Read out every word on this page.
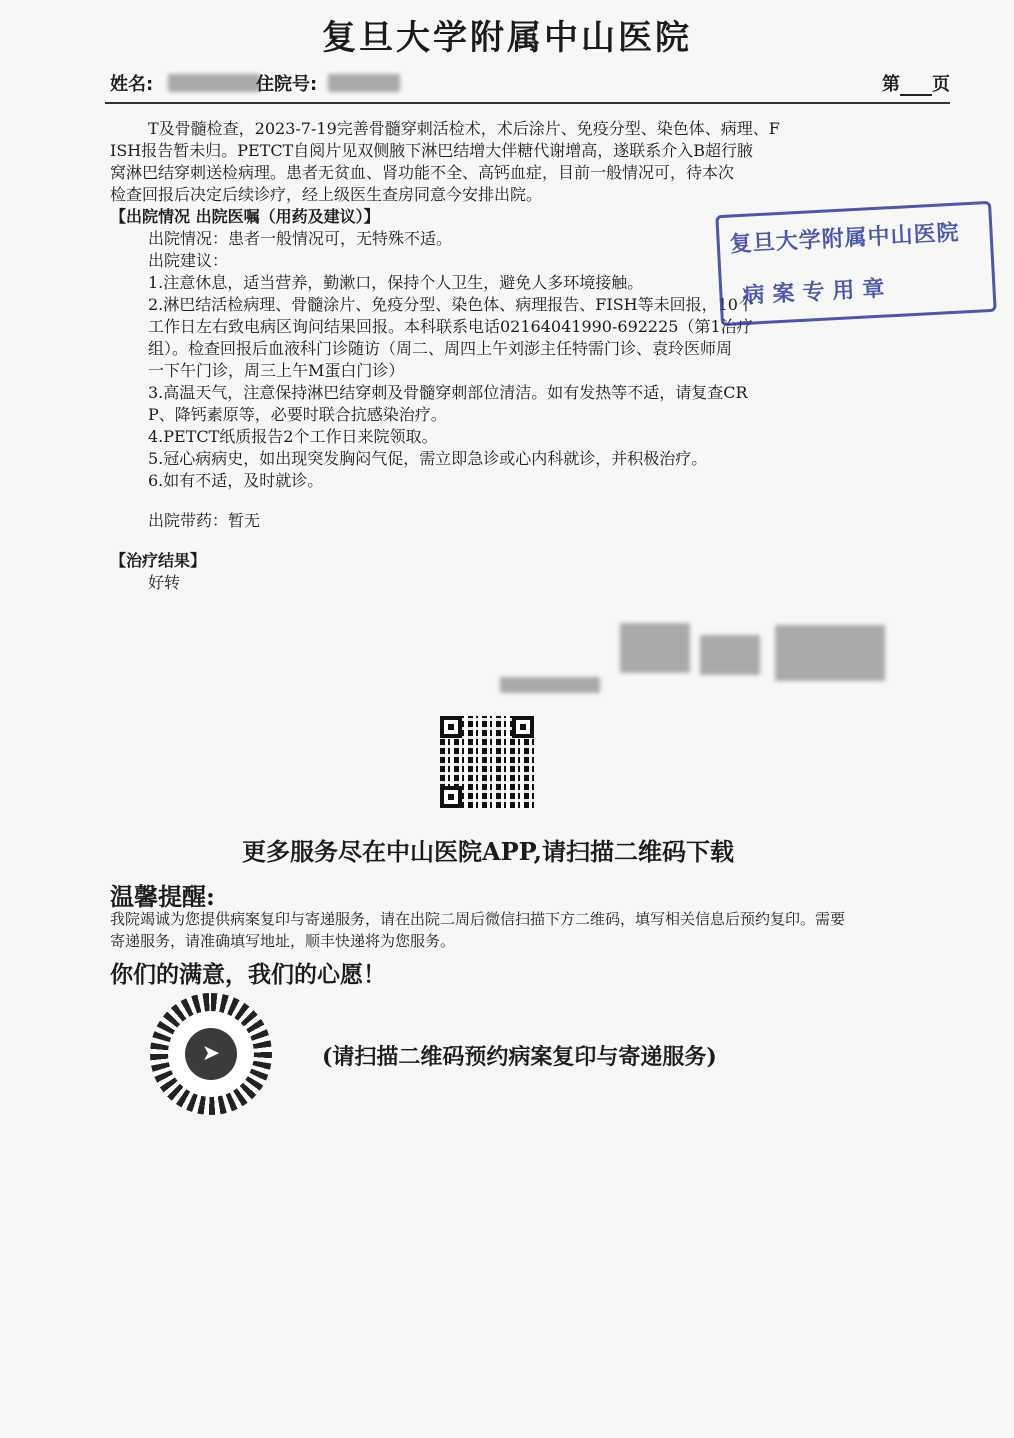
复旦大学附属中山医院
姓名:	住院号:	第 页

T及骨髓检查，2023-7-19完善骨髓穿刺活检术，术后涂片、免疫分型、染色体、病理、F

ISH报告暂未归。PETCT自阅片见双侧腋下淋巴结增大伴糖代谢增高，遂联系介入B超行腋

窝淋巴结穿刺送检病理。患者无贫血、肾功能不全、高钙血症，目前一般情况可，待本次

检查回报后决定后续诊疗，经上级医生查房同意今安排出院。

【出院情况 出院医嘱（用药及建议）】

出院情况：患者一般情况可，无特殊不适。

出院建议：

1.注意休息，适当营养，勤漱口，保持个人卫生，避免人多环境接触。

2.淋巴结活检病理、骨髓涂片、免疫分型、染色体、病理报告、FISH等未回报，10个

工作日左右致电病区询问结果回报。本科联系电话02164041990-692225（第1治疗

组）。检查回报后血液科门诊随访（周二、周四上午刘澎主任特需门诊、袁玲医师周

一下午门诊，周三上午M蛋白门诊）

3.高温天气，注意保持淋巴结穿刺及骨髓穿刺部位清洁。如有发热等不适，请复查CR

P、降钙素原等，必要时联合抗感染治疗。

4.PETCT纸质报告2个工作日来院领取。

5.冠心病病史，如出现突发胸闷气促，需立即急诊或心内科就诊，并积极治疗。

6.如有不适，及时就诊。

出院带药：暂无

【治疗结果】

好转

复旦大学附属中山医院
病案专用章
更多服务尽在中山医院APP,请扫描二维码下载
温馨提醒:
我院竭诚为您提供病案复印与寄递服务，请在出院二周后微信扫描下方二维码，填写相关信息后预约复印。需要寄递服务，请准确填写地址，顺丰快递将为您服务。
你们的满意，我们的心愿！
➤	(请扫描二维码预约病案复印与寄递服务)
